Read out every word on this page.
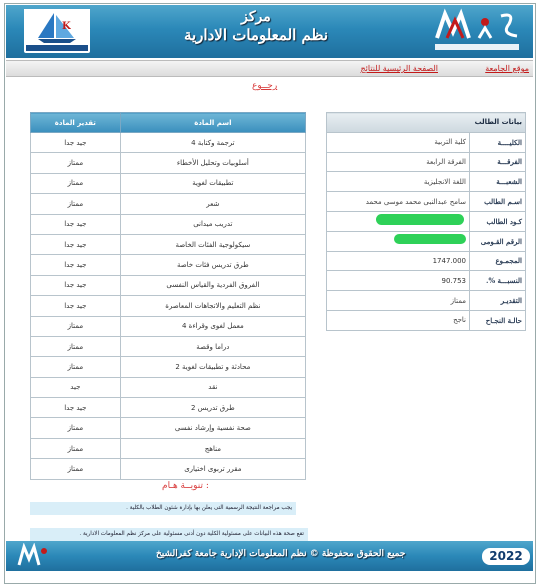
K
مركز
نظم المعلومات الادارية
موقع الجامعة
الصفحة الرئيسية للنتائج
رجــوع
بيانات الطالب	
الكليــــة	كلية التربية
الفرقـــة	الفرقة الرابعة
الشعبـــة	اللغة الانجليزية
اسـم الطالب	سامح عبدالنبى محمد موسى محمد
كـود الطالب	
الرقم القـومى	
المجمـوع	1747.000
النسبـــة %.	90.753
التقديـر	ممتاز
حالـة النجـاح	ناجح
اسم المادة	تقدير المادة
ترجمة وكتابة 4	جيد جدا
أسلوبيات وتحليل الأخطاء	ممتاز
تطبيقات لغوية	ممتاز
شعر	ممتاز
تدريب ميدانى	جيد جدا
سيكولوجية الفئات الخاصة	جيد جدا
طرق تدريس فئات خاصة	جيد جدا
الفروق الفردية والقياس النفسى	جيد جدا
نظم التعليم والاتجاهات المعاصرة	جيد جدا
معمل لغوى وقراءة 4	ممتاز
دراما وقصة	ممتاز
محادثة و تطبيقات لغوية 2	ممتاز
نقد	جيد
طرق تدريس 2	جيد جدا
صحة نفسية وإرشاد نفسى	ممتاز
مناهج	ممتاز
مقرر تربوى اختيارى	ممتاز
تنويــة هـام :
يجب مراجعة النتيجة الرسمية التى يعلن بها بإدارة شئون الطلاب بالكلية .
تقع صحة هذه البيانات على مسئولية الكلية دون أدنى مسئولية على مركز نظم المعلومات الادارية .
جميع الحقوق محفوظة © نظم المعلومات الإدارية جامعة كفرالشيخ	2022
